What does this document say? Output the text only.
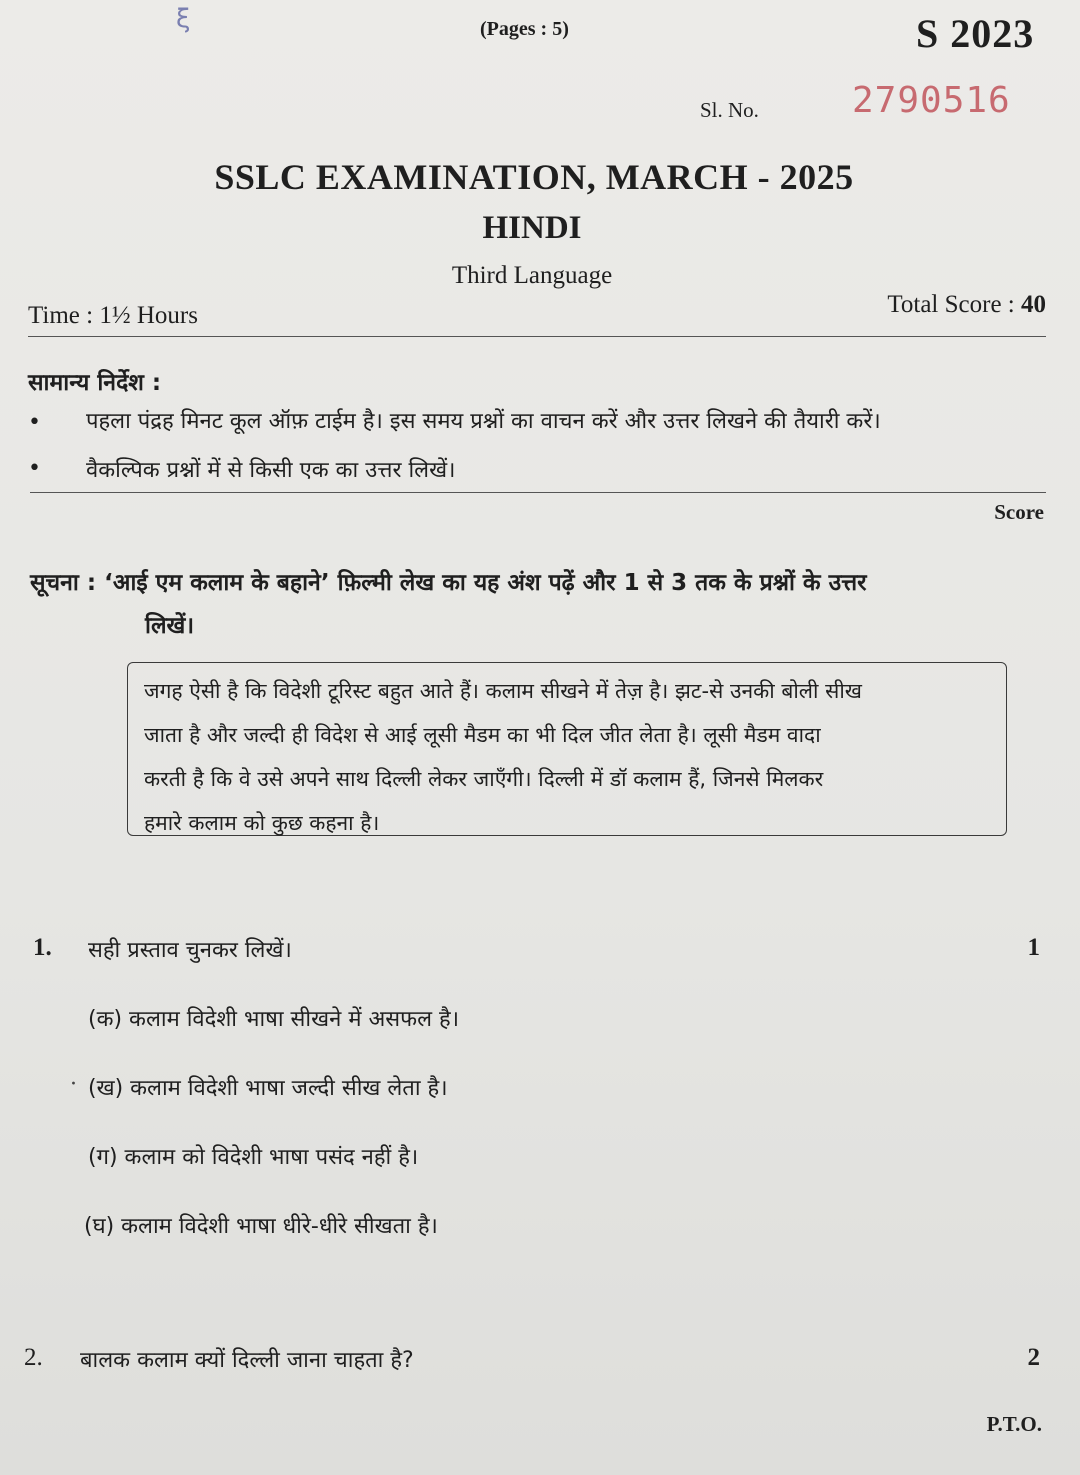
ξ	(Pages : 5)	S 2023
Sl. No.	2790516
SSLC EXAMINATION, MARCH - 2025
HINDI
Third Language
Time : 1½ Hours	Total Score : 40
सामान्य निर्देश :
• पहला पंद्रह मिनट कूल ऑफ़ टाईम है। इस समय प्रश्नों का वाचन करें और उत्तर लिखने की तैयारी करें।
• वैकल्पिक प्रश्नों में से किसी एक का उत्तर लिखें।
Score
सूचना : ‘आई एम कलाम के बहाने’ फ़िल्मी लेख का यह अंश पढ़ें और 1 से 3 तक के प्रश्नों के उत्तर
लिखें।
जगह ऐसी है कि विदेशी टूरिस्ट बहुत आते हैं। कलाम सीखने में तेज़ है। झट-से उनकी बोली सीख
जाता है और जल्दी ही विदेश से आई लूसी मैडम का भी दिल जीत लेता है। लूसी मैडम वादा
करती है कि वे उसे अपने साथ दिल्ली लेकर जाएँगी। दिल्ली में डॉ कलाम हैं, जिनसे मिलकर
हमारे कलाम को कुछ कहना है।
1. सही प्रस्ताव चुनकर लिखें।	1
(क) कलाम विदेशी भाषा सीखने में असफल है।
· (ख) कलाम विदेशी भाषा जल्दी सीख लेता है।
(ग) कलाम को विदेशी भाषा पसंद नहीं है।
(घ) कलाम विदेशी भाषा धीरे-धीरे सीखता है।
2. बालक कलाम क्यों दिल्ली जाना चाहता है?	2
P.T.O.
